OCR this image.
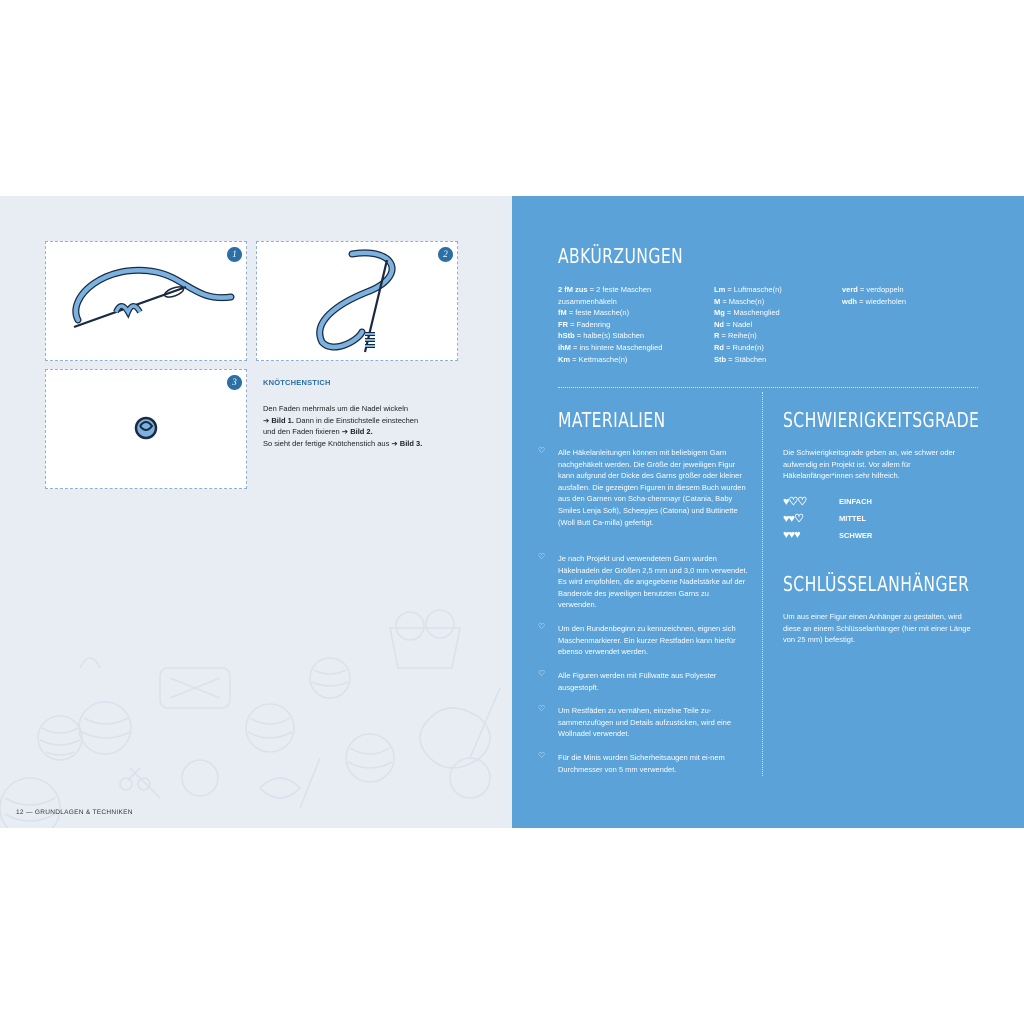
1	2
3	KNÖTCHENSTICH
Den Faden mehrmals um die Nadel wickeln
➔ Bild 1. Dann in die Einstichstelle einstechen
und den Faden fixieren ➔ Bild 2.
So sieht der fertige Knötchenstich aus ➔ Bild 3.
12 — GRUNDLAGEN & TECHNIKEN
ABKÜRZUNGEN
2 fM zus = 2 feste Maschen
zusammenhäkeln
fM = feste Masche(n)
FR = Fadenring
hStb = halbe(s) Stäbchen
ihM = ins hintere Maschenglied
Km = Kettmasche(n)
Lm = Luftmasche(n)
M = Masche(n)
Mg = Maschenglied
Nd = Nadel
R = Reihe(n)
Rd = Runde(n)
Stb = Stäbchen
verd = verdoppeln
wdh = wiederholen
MATERIALIEN
♡ Alle Häkelanleitungen können mit beliebigem Garn nachgehäkelt werden. Die Größe der jeweiligen Figur kann aufgrund der Dicke des Garns größer oder kleiner ausfallen. Die gezeigten Figuren in diesem Buch wurden aus den Garnen von Scha-chenmayr (Catania, Baby Smiles Lenja Soft), Scheepjes (Catona) und Buttinette (Woll Butt Ca-milla) gefertigt.
♡ Je nach Projekt und verwendetem Garn wurden Häkelnadeln der Größen 2,5 mm und 3,0 mm verwendet. Es wird empfohlen, die angegebene Nadelstärke auf der Banderole des jeweiligen benutzten Garns zu verwenden.
♡ Um den Rundenbeginn zu kennzeichnen, eignen sich Maschenmarkierer. Ein kurzer Restfaden kann hierfür ebenso verwendet werden.
♡ Alle Figuren werden mit Füllwatte aus Polyester ausgestopft.
♡ Um Restfäden zu vernähen, einzelne Teile zu-sammenzufügen und Details aufzusticken, wird eine Wollnadel verwendet.
♡ Für die Minis wurden Sicherheitsaugen mit ei-nem Durchmesser von 5 mm verwendet.
SCHWIERIGKEITSGRADE
Die Schwierigkeitsgrade geben an, wie schwer oder aufwendig ein Projekt ist. Vor allem für Häkelanfänger*innen sehr hilfreich.
♥♡♡	EINFACH
♥♥♡	MITTEL
♥♥♥	SCHWER
SCHLÜSSELANHÄNGER
Um aus einer Figur einen Anhänger zu gestalten, wird diese an einem Schlüsselanhänger (hier mit einer Länge von 25 mm) befestigt.
